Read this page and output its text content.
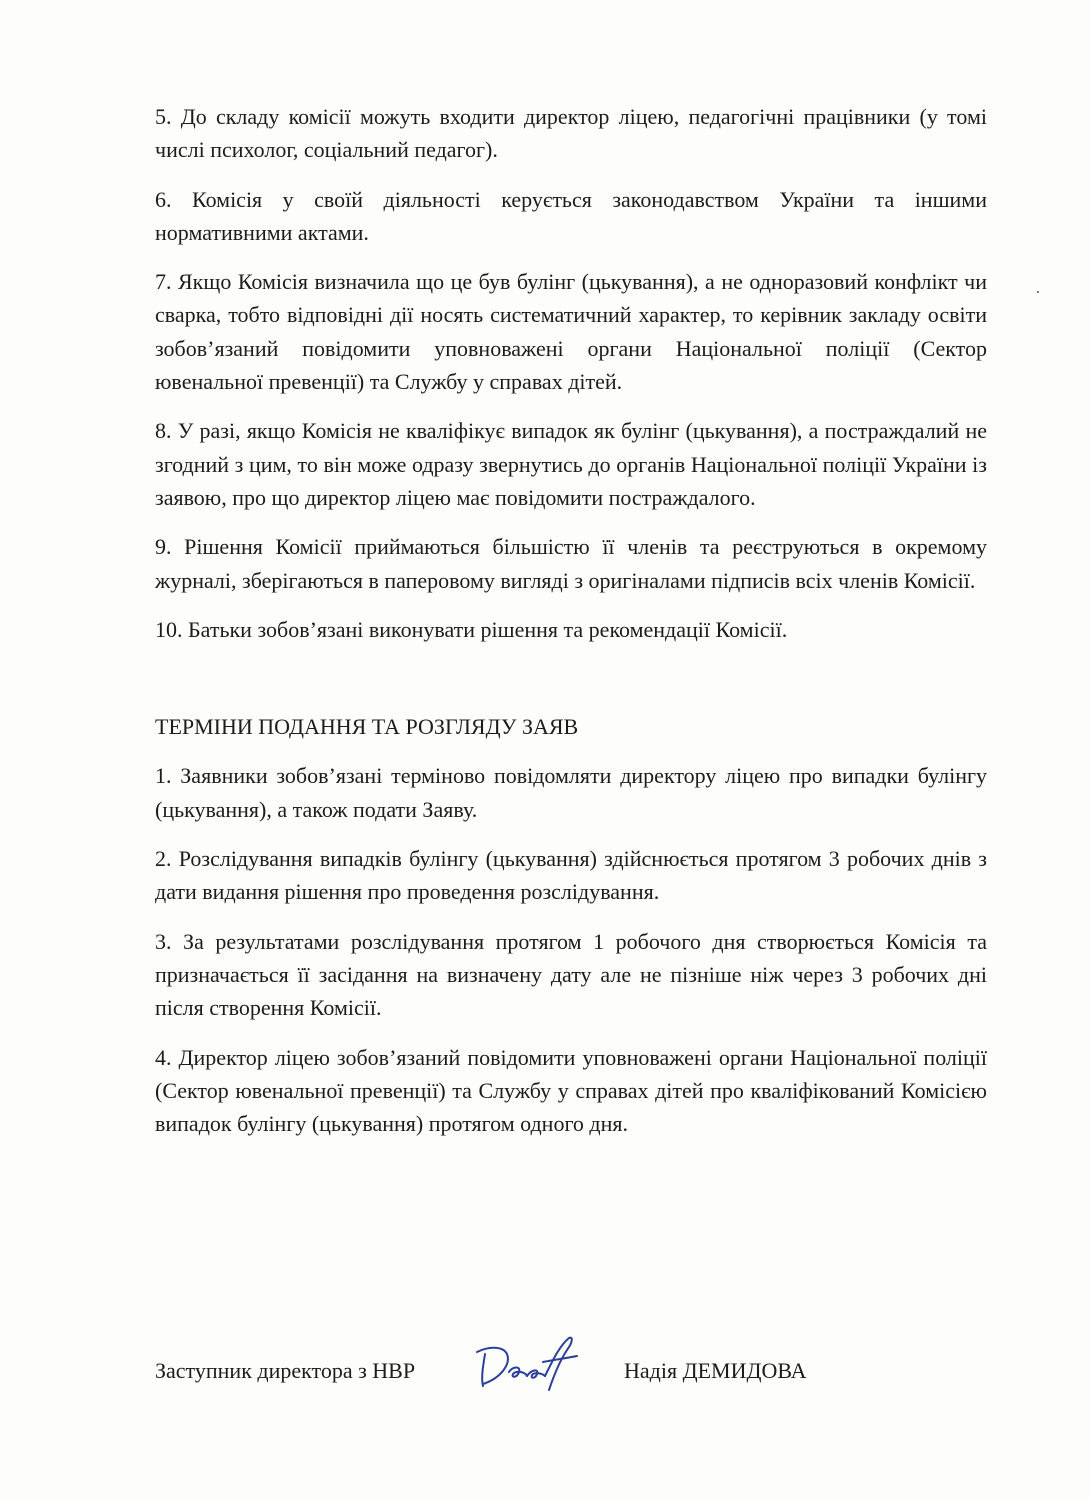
5. До складу комісії можуть входити директор ліцею, педагогічні працівники (у томі числі психолог, соціальний педагог).

6. Комісія у своїй діяльності керується законодавством України та іншими нормативними актами.

7. Якщо Комісія визначила що це був булінг (цькування), а не одноразовий конфлікт чи сварка, тобто відповідні дії носять систематичний характер, то керівник закладу освіти зобов’язаний повідомити уповноважені органи Національної поліції (Сектор ювенальної превенції) та Службу у справах дітей.

8. У разі, якщо Комісія не кваліфікує випадок як булінг (цькування), а постраждалий не згодний з цим, то він може одразу звернутись до органів Національної поліції України із заявою, про що директор ліцею має повідомити постраждалого.

9. Рішення Комісії приймаються більшістю її членів та реєструються в окремому журналі, зберігаються в паперовому вигляді з оригіналами підписів всіх членів Комісії.

10. Батьки зобов’язані виконувати рішення та рекомендації Комісії.

ТЕРМІНИ ПОДАННЯ ТА РОЗГЛЯДУ ЗАЯВ

1. Заявники зобов’язані терміново повідомляти директору ліцею про випадки булінгу (цькування), а також подати Заяву.

2. Розслідування випадків булінгу (цькування) здійснюється протягом 3 робочих днів з дати видання рішення про проведення розслідування.

3. За результатами розслідування протягом 1 робочого дня створюється Комісія та призначається її засідання на визначену дату але не пізніше ніж через 3 робочих дні після створення Комісії.

4. Директор ліцею зобов’язаний повідомити уповноважені органи Національної поліції (Сектор ювенальної превенції) та Службу у справах дітей про кваліфікований Комісією випадок булінгу (цькування) протягом одного дня.

Заступник директора з НВР	Надія ДЕМИДОВА
